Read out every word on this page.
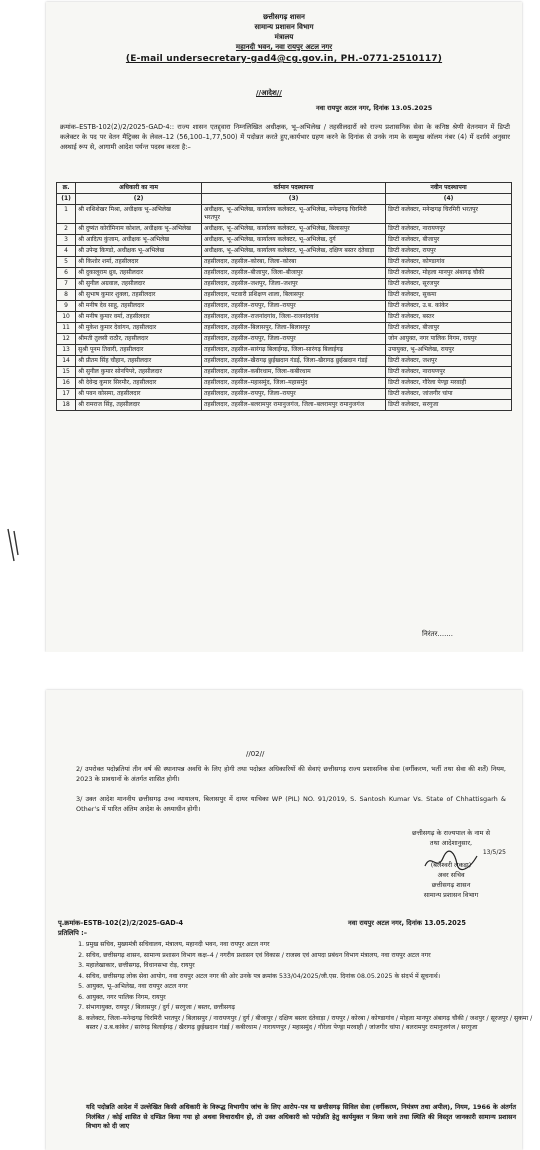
छत्तीसगढ़ शासन
सामान्य प्रशासन विभाग
मंत्रालय
महानदी भवन, नवा रायपुर अटल नगर
(E-mail undersecretary-gad4@cg.gov.in, PH.-0771-2510117)
//आदेश//
नवा रायपुर अटल नगर, दिनांक 13.05.2025
क्रमांक–ESTB-102(2)/2/2025-GAD-4:: राज्य शासन एतद्द्वारा निम्नलिखित अधीक्षक, भू–अभिलेख / तहसीलदारों को राज्य प्रशासनिक सेवा के कनिष्ठ श्रेणी वेतनमान में डिप्टी कलेक्टर के पद पर वेतन मैट्रिक्स के लेवल–12 (56,100–1,77,500) में पदोन्नत करते हुए,कार्यभार ग्रहण करने के दिनांक से उनके नाम के सम्मुख कॉलम नंबर (4) में दर्शाये अनुसार अस्थाई रूप से, आगामी आदेश पर्यन्त पदस्थ करता है:–
क्र.	अधिकारी का नाम	वर्तमान पदस्थापना	नवीन पदस्थापना
(1)	(2)	(3)	(4)
1	श्री शशिशेखर मिश्रा, अधीक्षक भू–अभिलेख	अधीक्षक, भू–अभिलेख, कार्यालय कलेक्टर, भू–अभिलेख, मनेन्द्रगढ़ चिरमिरी भरतपुर	डिप्टी कलेक्टर, मनेन्द्रगढ़ चिरमिरी भरतपुर
2	श्री दुष्यंत कोर्रामिनाम कोशल, अधीक्षक भू–अभिलेख	अधीक्षक, भू–अभिलेख, कार्यालय कलेक्टर, भू–अभिलेख, बिलासपुर	डिप्टी कलेक्टर, नारायणपुर
3	श्री आदित्य कुंजाम, अधीक्षक भू–अभिलेख	अधीक्षक, भू–अभिलेख, कार्यालय कलेक्टर, भू–अभिलेख, दुर्ग	डिप्टी कलेक्टर, बीजापुर
4	श्री उपेन्द्र किण्डो, अधीक्षक भू–अभिलेख	अधीक्षक, भू–अभिलेख, कार्यालय कलेक्टर, भू–अभिलेख, दक्षिण बस्तर दंतेवाड़ा	डिप्टी कलेक्टर, रायपुर
5	श्री किशोर शर्मा, तहसीलदार	तहसीलदार, तहसील–कोरबा, जिला–कोरबा	डिप्टी कलेक्टर, कोण्डागांव
6	श्री दुकालूराम ध्रुव, तहसीलदार	तहसीलदार, तहसील–बीजापुर, जिला–बीजापुर	डिप्टी कलेक्टर, मोहला मानपुर अंबागढ़ चौकी
7	श्री सुनील अग्रवाल, तहसीलदार	तहसीलदार, तहसील–जशपुर, जिला–जशपुर	डिप्टी कलेक्टर, सूरजपुर
8	श्री सुभाष कुमार शुक्ला, तहसीलदार	तहसीलदार, पटवारी प्रशिक्षण शाला, बिलासपुर	डिप्टी कलेक्टर, सुकमा
9	श्री मनीष देव साहू, तहसीलदार	तहसीलदार, तहसील–रायपुर, जिला–रायपुर	डिप्टी कलेक्टर, उ.ब. कांकेर
10	श्री मनीष कुमार वर्मा, तहसीलदार	तहसीलदार, तहसील–राजनांदगांव, जिला–राजनांदगांव	डिप्टी कलेक्टर, बस्तर
11	श्री मुकेश कुमार देवांगन, तहसीलदार	तहसीलदार, तहसील–बिलासपुर, जिला–बिलासपुर	डिप्टी कलेक्टर, बीजापुर
12	श्रीमती तुलसी राठौर, तहसीलदार	तहसीलदार, तहसील–रायपुर, जिला–रायपुर	जोन आयुक्त, नगर पालिक निगम, रायपुर
13	सुश्री पूनम तिवारी, तहसीलदार	तहसीलदार, तहसील–सारंगढ़ बिलाईगढ़, जिला–सारंगढ़ बिलाईगढ़	उपायुक्त, भू–अभिलेख, रायपुर
14	श्री प्रीतम सिंह चौहान, तहसीलदार	तहसीलदार, तहसील–खैरागढ़ छुईखदान गंडई, जिला–खैरागढ़ छुईखदान गंडई	डिप्टी कलेक्टर, जशपुर
15	श्री सुनील कुमार सोनपिपरे, तहसीलदार	तहसीलदार, तहसील–कबीरधाम, जिला–कबीरधाम	डिप्टी कलेक्टर, नारायणपुर
16	श्री देवेन्द्र कुमार सिरमौर, तहसीलदार	तहसीलदार, तहसील–महासमुंद, जिला–महासमुंद	डिप्टी कलेक्टर, गौरेला पेण्ड्रा मरवाही
17	श्री पवन कोसमा, तहसीलदार	तहसीलदार, तहसील–रायपुर, जिला–रायपुर	डिप्टी कलेक्टर, जांजगीर चांपा
18	श्री रामराज सिंह, तहसीलदार	तहसीलदार, तहसील–बलरामपुर रामानुजगंज, जिला–बलरामपुर रामानुजगंज	डिप्टी कलेक्टर, सरगुजा
निरंतर.......
//02//
2/ उपरोक्त पदोन्नतियां तीन वर्ष की स्थानापन्न अवधि के लिए होगी तथा पदोन्नत अधिकारियों की सेवाएं छत्तीसगढ़ राज्य प्रशासनिक सेवा (वर्गीकरण, भर्ती तथा सेवा की शर्तें) नियम, 2023 के प्रावधानों के अंतर्गत शासित होगी।
3/ उक्त आदेश माननीय छत्तीसगढ़ उच्च न्यायालय, बिलासपुर में दायर याचिका WP (PIL) NO. 91/2019, S. Santosh Kumar Vs. State of Chhattisgarh & Other's में पारित अंतिम आदेश के अध्याधीन होगी।
छत्तीसगढ़ के राज्यपाल के नाम से
तथा आदेशानुसार,
13/5/25
(बलेश्वरी लकड़ा)
अवर सचिव
छत्तीसगढ़ शासन
सामान्य प्रशासन विभाग
पृ.क्रमांक–ESTB-102(2)/2/2025-GAD-4	नवा रायपुर अटल नगर, दिनांक 13.05.2025
प्रतिलिपि :–
1. प्रमुख सचिव, मुख्यमंत्री सचिवालय, मंत्रालय, महानदी भवन, नवा रायपुर अटल नगर
2. सचिव, छत्तीसगढ़ शासन, सामान्य प्रशासन विभाग कक्ष–4 / नगरीय प्रशासन एवं विकास / राजस्व एवं आपदा प्रबंधन विभाग मंत्रालय, नवा रायपुर अटल नगर
3. महालेखाकार, छत्तीसगढ़, विधानसभा रोड़, रायपुर
4. सचिव, छत्तीसगढ़ लोक सेवा आयोग, नवा रायपुर अटल नगर की ओर उनके पत्र क्रमांक 533/04/2025/जी.एस. दिनांक 08.05.2025 के संदर्भ में सूचनार्थ।
5. आयुक्त, भू–अभिलेख, नवा रायपुर अटल नगर
6. आयुक्त, नगर पालिक निगम, रायपुर
7. संभागायुक्त, रायपुर / बिलासपुर / दुर्ग / सरगुजा / बस्तर, छत्तीसगढ़
8. कलेक्टर, जिला–मनेन्द्रगढ़ चिरमिरी भरतपुर / बिलासपुर / नारायणपुर / दुर्ग / बीजापुर / दक्षिण बस्तर दंतेवाड़ा / रायपुर / कोरबा / कोण्डागांव / मोहला मानपुर अंबागढ़ चौकी / जशपुर / सूरजपुर / सुकमा / बस्तर / उ.ब.कांकेर / सारंगढ़ बिलाईगढ़ / खैरागढ़ छुईखदान गंडई / कबीरधाम / नारायणपुर / महासमुंद / गौरेला पेण्ड्रा मरवाही / जांजगीर चांपा / बलरामपुर रामानुजगंज / सरगुजा
यदि पदोन्नति आदेश में उल्लेखित किसी अधिकारी के विरूद्ध विभागीय जांच के लिए आरोप–पत्र या छत्तीसगढ़ सिविल सेवा (वर्गीकरण, नियंत्रण तथा अपील), नियम, 1966 के अंतर्गत निलंबित / कोई शासित से दण्डित किया गया हो अथवा विचाराधीन हो, तो उक्त अधिकारी को पदोन्नति हेतु कार्यमुक्त न किया जावे तथा स्थिति की विस्तृत जानकारी सामान्य प्रशासन विभाग को दी जाए
